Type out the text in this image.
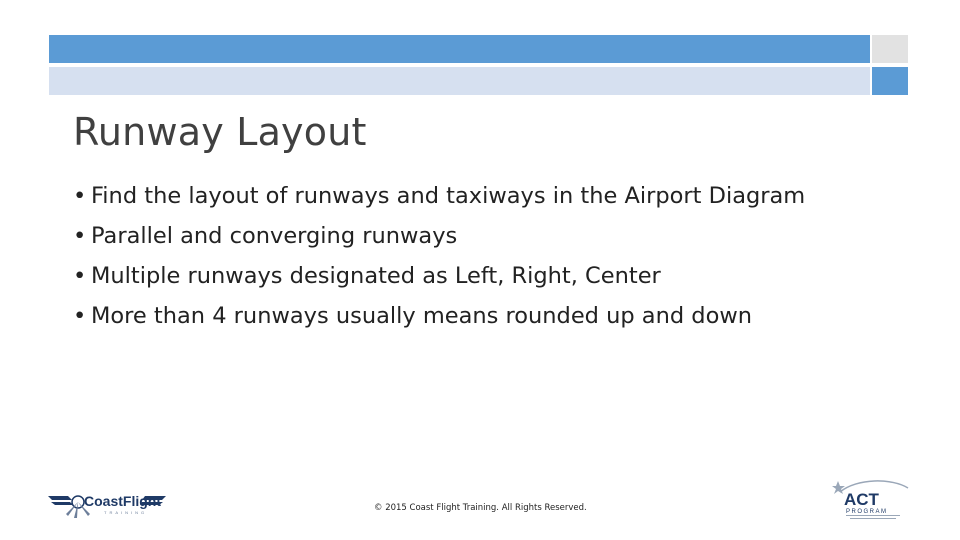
Runway Layout
• Find the layout of runways and taxiways in the Airport Diagram
• Parallel and converging runways
• Multiple runways designated as Left, Right, Center
• More than 4 runways usually means rounded up and down
CoastFlight
TRAINING	© 2015 Coast Flight Training. All Rights Reserved.	ACT
PROGRAM
